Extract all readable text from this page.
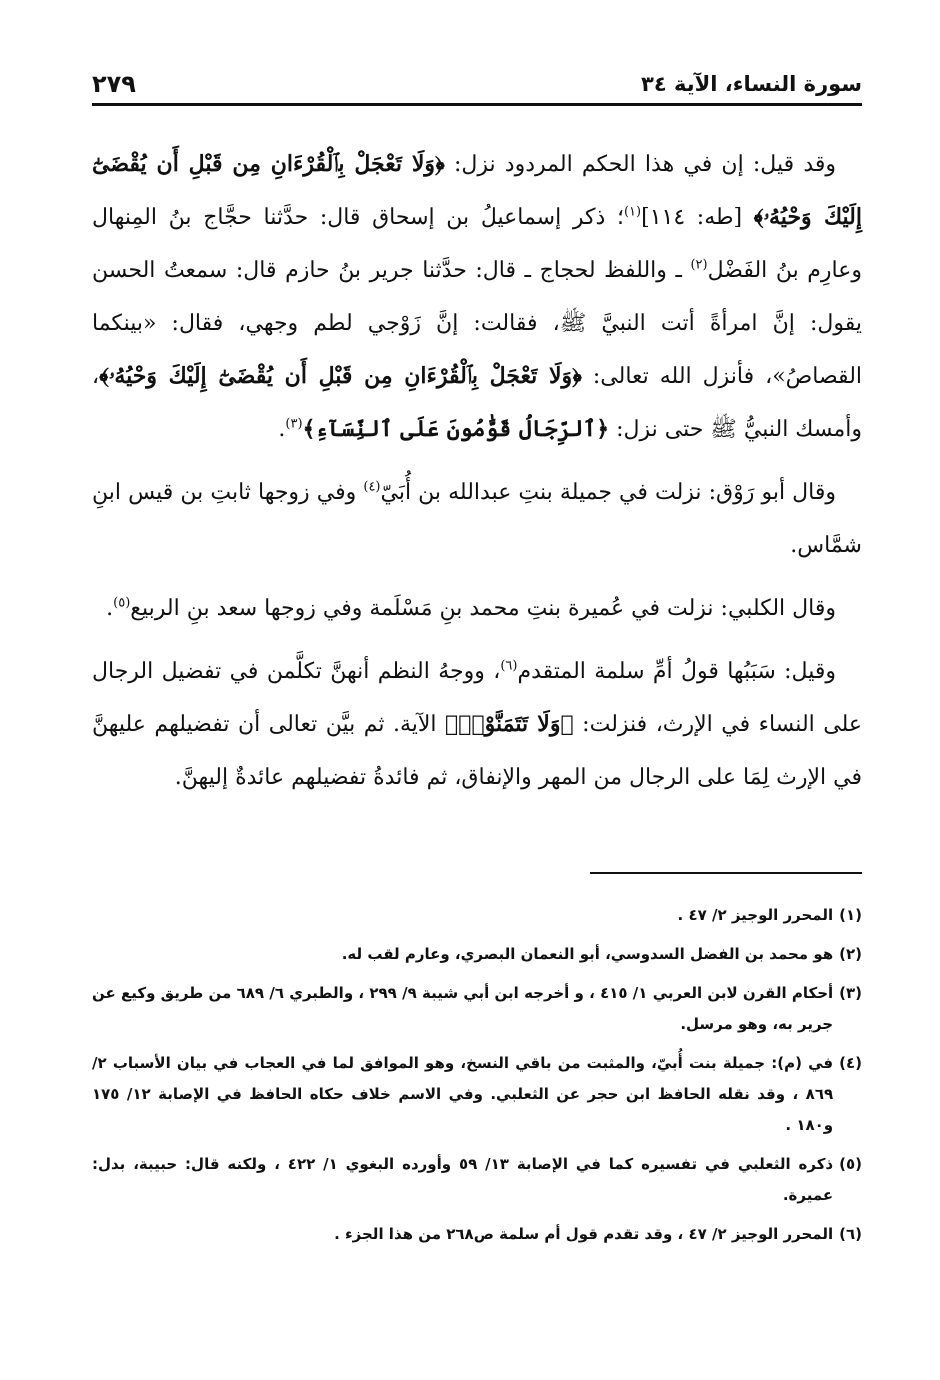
سورة النساء، الآية ٣٤
٢٧٩

وقد قيل: إن في هذا الحكم المردود نزل: ﴿وَلَا تَعْجَلْ بِٱلْقُرْءَانِ مِن قَبْلِ أَن يُقْضَىٰٓ إِلَيْكَ وَحْيُهُۥ﴾ [طه: ١١٤]$^{(١)}$؛ ذكر إسماعيلُ بن إسحاق قال: حدَّثنا حجَّاج بنُ المِنهال وعارِم بنُ الفَضْل$^{(٢)}$ ـ واللفظ لحجاج ـ قال: حدَّثنا جرير بنُ حازم قال: سمعتُ الحسن يقول: إنَّ امرأةً أتت النبيَّ ﷺ، فقالت: إنَّ زَوْجي لطم وجهي، فقال: «بينكما القصاصُ»، فأنزل الله تعالى: ﴿وَلَا تَعْجَلْ بِٱلْقُرْءَانِ مِن قَبْلِ أَن يُقْضَىٰٓ إِلَيْكَ وَحْيُهُۥ﴾، وأمسك النبيُّ ﷺ حتى نزل: ﴿ٱلرِّجَالُ قَوَّٰمُونَ عَلَى ٱلنِّسَآءِ﴾$^{(٣)}$.

وقال أبو رَوْق: نزلت في جميلة بنتِ عبدالله بن أُبَيّ$^{(٤)}$ وفي زوجها ثابتِ بن قيس ابنِ شمَّاس.

وقال الكلبي: نزلت في عُميرة بنتِ محمد بنِ مَسْلَمة وفي زوجها سعد بنِ الربيع$^{(٥)}$.

وقيل: سَبَبُها قولُ أمِّ سلمة المتقدم$^{(٦)}$، ووجهُ النظم أنهنَّ تكلَّمن في تفضيل الرجال على النساء في الإرث، فنزلت: ﴿وَلَا تَتَمَنَّوْا۟﴾ الآية. ثم بيَّن تعالى أن تفضيلهم عليهنَّ في الإرث لِمَا على الرجال من المهر والإنفاق، ثم فائدةُ تفضيلهم عائدةٌ إليهنَّ.

(١)
المحرر الوجيز ٢/ ٤٧ .
(٢)
هو محمد بن الفضل السدوسي، أبو النعمان البصري، وعارم لقب له.
(٣)
أحكام القرن لابن العربي ١/ ٤١٥ ، و أخرجه ابن أبي شيبة ٩/ ٢٩٩ ، والطبري ٦/ ٦٨٩ من طريق وكيع عن جرير به، وهو مرسل.
(٤)
في (م): جميلة بنت أُبيّ، والمثبت من باقي النسخ، وهو الموافق لما في العجاب في بيان الأسباب ٢/ ٨٦٩ ، وقد نقله الحافظ ابن حجر عن الثعلبي. وفي الاسم خلاف حكاه الحافظ في الإصابة ١٢/ ١٧٥ و١٨٠ .
(٥)
ذكره الثعلبي في تفسيره كما في الإصابة ١٣/ ٥٩ وأورده البغوي ١/ ٤٢٢ ، ولكنه قال: حبيبة، بدل: عميرة.
(٦)
المحرر الوجيز ٢/ ٤٧ ، وقد تقدم قول أم سلمة ص٢٦٨ من هذا الجزء .
